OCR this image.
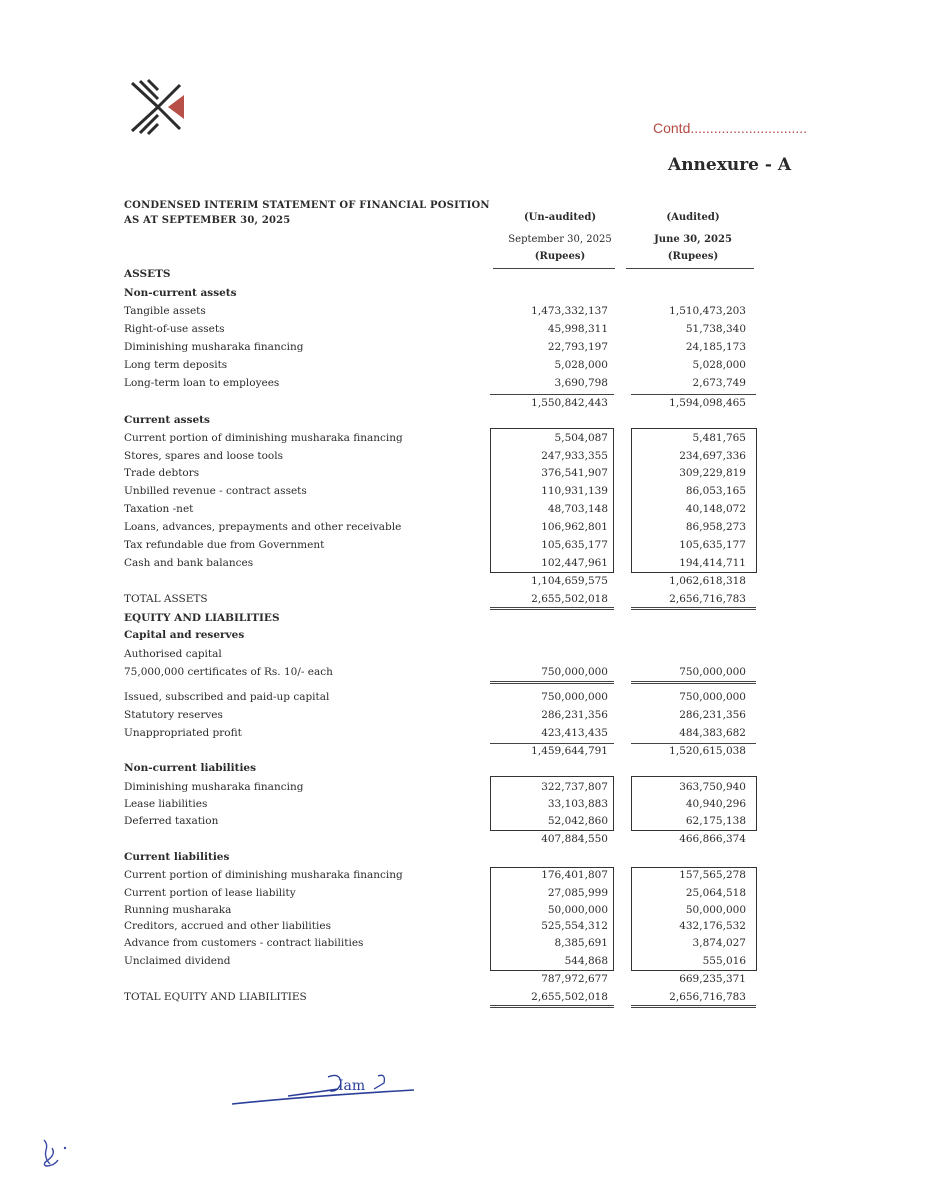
Contd..............................
Annexure - A
CONDENSED INTERIM STATEMENT OF FINANCIAL POSITION
AS AT SEPTEMBER 30, 2025	(Un-audited)
September 30, 2025
(Rupees)
(Audited)
June 30, 2025
(Rupees)
ASSETS
Non-current assets
Tangible assets	1,473,332,137	1,510,473,203
Right-of-use assets	45,998,311	51,738,340
Diminishing musharaka financing	22,793,197	24,185,173
Long term deposits	5,028,000	5,028,000
Long-term loan to employees	3,690,798	2,673,749
1,550,842,443	1,594,098,465
Current assets
Current portion of diminishing musharaka financing	5,504,087	5,481,765
Stores, spares and loose tools	247,933,355	234,697,336
Trade debtors	376,541,907	309,229,819
Unbilled revenue - contract assets	110,931,139	86,053,165
Taxation -net	48,703,148	40,148,072
Loans, advances, prepayments and other receivable	106,962,801	86,958,273
Tax refundable due from Government	105,635,177	105,635,177
Cash and bank balances	102,447,961	194,414,711
1,104,659,575	1,062,618,318
TOTAL ASSETS	2,655,502,018	2,656,716,783
EQUITY AND LIABILITIES
Capital and reserves
Authorised capital
75,000,000 certificates of Rs. 10/- each	750,000,000	750,000,000
Issued, subscribed and paid-up capital	750,000,000	750,000,000
Statutory reserves	286,231,356	286,231,356
Unappropriated profit	423,413,435	484,383,682
1,459,644,791	1,520,615,038
Non-current liabilities
Diminishing musharaka financing	322,737,807	363,750,940
Lease liabilities	33,103,883	40,940,296
Deferred taxation	52,042,860	62,175,138
407,884,550	466,866,374
Current liabilities
Current portion of diminishing musharaka financing	176,401,807	157,565,278
Current portion of lease liability	27,085,999	25,064,518
Running musharaka	50,000,000	50,000,000
Creditors, accrued and other liabilities	525,554,312	432,176,532
Advance from customers - contract liabilities	8,385,691	3,874,027
Unclaimed dividend	544,868	555,016
787,972,677	669,235,371
TOTAL EQUITY AND LIABILITIES	2,655,502,018	2,656,716,783
Iam
